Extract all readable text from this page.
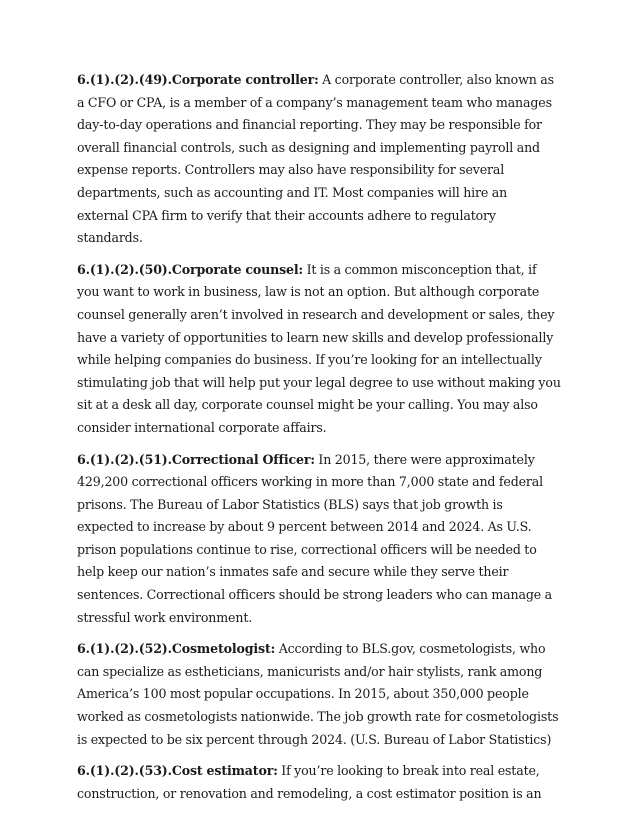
6.(1).(2).(49).Corporate controller: A corporate controller, also known as a CFO or CPA, is a member of a company’s management team who manages day-to-day operations and financial reporting. They may be responsible for overall financial controls, such as designing and implementing payroll and expense reports. Controllers may also have responsibility for several departments, such as accounting and IT. Most companies will hire an external CPA firm to verify that their accounts adhere to regulatory standards.

6.(1).(2).(50).Corporate counsel: It is a common misconception that, if you want to work in business, law is not an option. But although corporate counsel generally aren’t involved in research and development or sales, they have a variety of opportunities to learn new skills and develop professionally while helping companies do business. If you’re looking for an intellectually stimulating job that will help put your legal degree to use without making you sit at a desk all day, corporate counsel might be your calling. You may also consider international corporate affairs.

6.(1).(2).(51).Correctional Officer: In 2015, there were approximately 429,200 correctional officers working in more than 7,000 state and federal prisons. The Bureau of Labor Statistics (BLS) says that job growth is expected to increase by about 9 percent between 2014 and 2024. As U.S. prison populations continue to rise, correctional officers will be needed to help keep our nation’s inmates safe and secure while they serve their sentences. Correctional officers should be strong leaders who can manage a stressful work environment.

6.(1).(2).(52).Cosmetologist: According to BLS.gov, cosmetologists, who can specialize as estheticians, manicurists and/or hair stylists, rank among America’s 100 most popular occupations. In 2015, about 350,000 people worked as cosmetologists nationwide. The job growth rate for cosmetologists is expected to be six percent through 2024. (U.S. Bureau of Labor Statistics)

6.(1).(2).(53).Cost estimator: If you’re looking to break into real estate, construction, or renovation and remodeling, a cost estimator position is an
